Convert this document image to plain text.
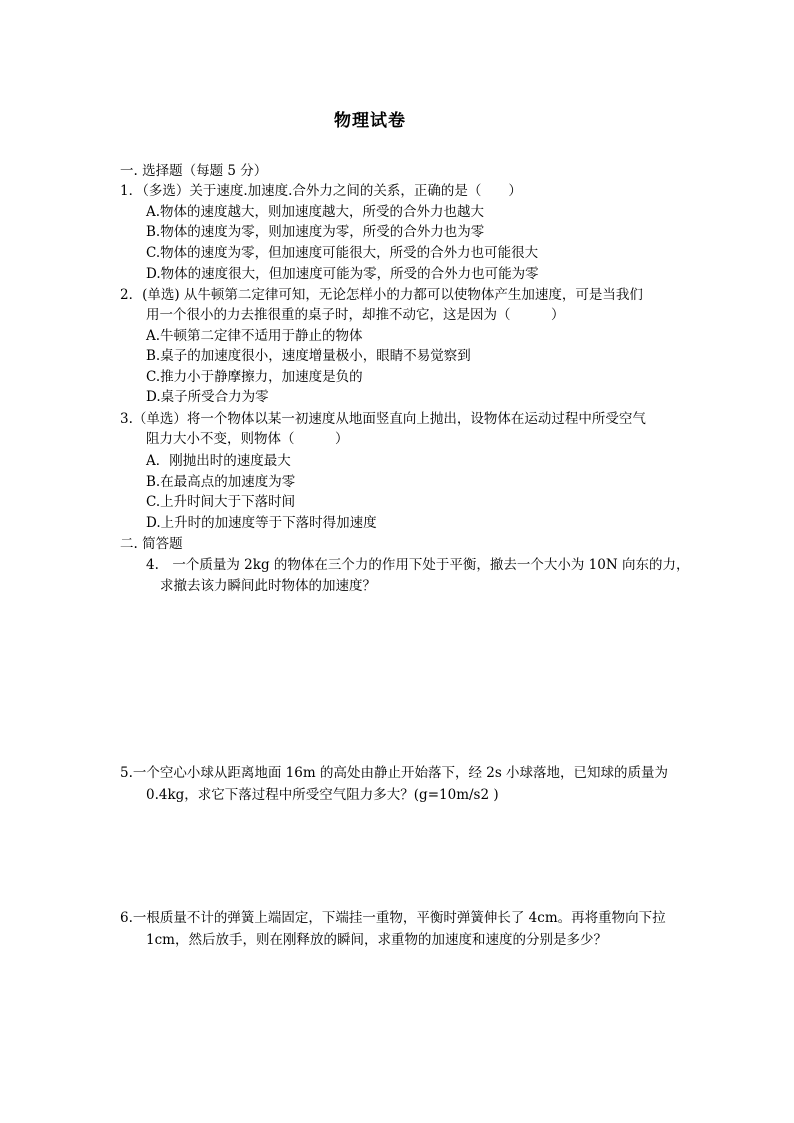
物理试卷
一. 选择题（每题 5 分）
1．（多选）关于速度.加速度.合外力之间的关系，正确的是（　　）
A.物体的速度越大，则加速度越大，所受的合外力也越大
B.物体的速度为零，则加速度为零，所受的合外力也为零
C.物体的速度为零，但加速度可能很大，所受的合外力也可能很大
D.物体的速度很大，但加速度可能为零，所受的合外力也可能为零
2．(单选) 从牛顿第二定律可知，无论怎样小的力都可以使物体产生加速度，可是当我们
用一个很小的力去推很重的桌子时，却推不动它，这是因为（　　　）
A.牛顿第二定律不适用于静止的物体
B.桌子的加速度很小，速度增量极小，眼睛不易觉察到
C.推力小于静摩擦力，加速度是负的
D.桌子所受合力为零
3.（单选）将一个物体以某一初速度从地面竖直向上抛出，设物体在运动过程中所受空气
阻力大小不变，则物体（　　　）
A．刚抛出时的速度最大
B.在最高点的加速度为零
C.上升时间大于下落时间
D.上升时的加速度等于下落时得加速度
二. 简答题
4.　一个质量为 2kg 的物体在三个力的作用下处于平衡，撤去一个大小为 10N 向东的力，
求撤去该力瞬间此时物体的加速度？
5.一个空心小球从距离地面 16m 的高处由静止开始落下，经 2s 小球落地，已知球的质量为
0.4kg，求它下落过程中所受空气阻力多大？(g=10m/s2 )
6.一根质量不计的弹簧上端固定，下端挂一重物，平衡时弹簧伸长了 4cm。再将重物向下拉
1cm，然后放手，则在刚释放的瞬间，求重物的加速度和速度的分别是多少？
